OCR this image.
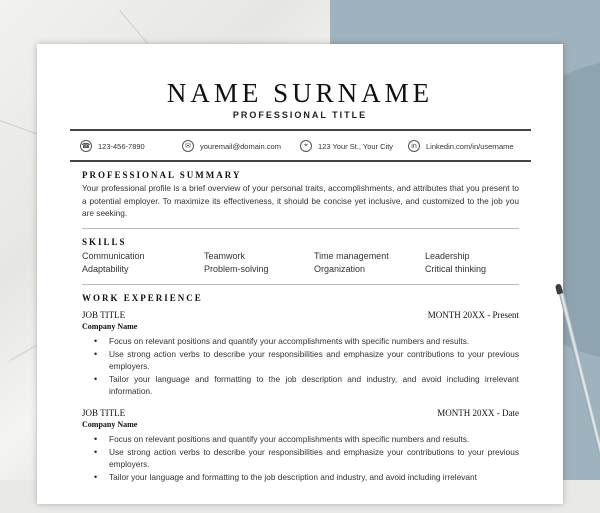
NAME SURNAME
PROFESSIONAL TITLE
☎ 123-456-7890	✉	youremail@domain.com	⌖	123 Your St., Your City	in	Linkedin.com/in/username
PROFESSIONAL SUMMARY
Your professional profile is a brief overview of your personal traits, accomplishments, and attributes that you present to a potential employer. To maximize its effectiveness, it should be concise yet inclusive, and customized to the job you are seeking.
SKILLS
Communication	Teamwork	Time management	Leadership
Adaptability	Problem-solving	Organization	Critical thinking
WORK EXPERIENCE
JOB TITLE	MONTH 20XX - Present
Company Name
• Focus on relevant positions and quantify your accomplishments with specific numbers and results.
• Use strong action verbs to describe your responsibilities and emphasize your contributions to your previous employers.
• Tailor your language and formatting to the job description and industry, and avoid including irrelevant information.
JOB TITLE	MONTH 20XX - Date
Company Name
• Focus on relevant positions and quantify your accomplishments with specific numbers and results.
• Use strong action verbs to describe your responsibilities and emphasize your contributions to your previous employers.
• Tailor your language and formatting to the job description and industry, and avoid including irrelevant
